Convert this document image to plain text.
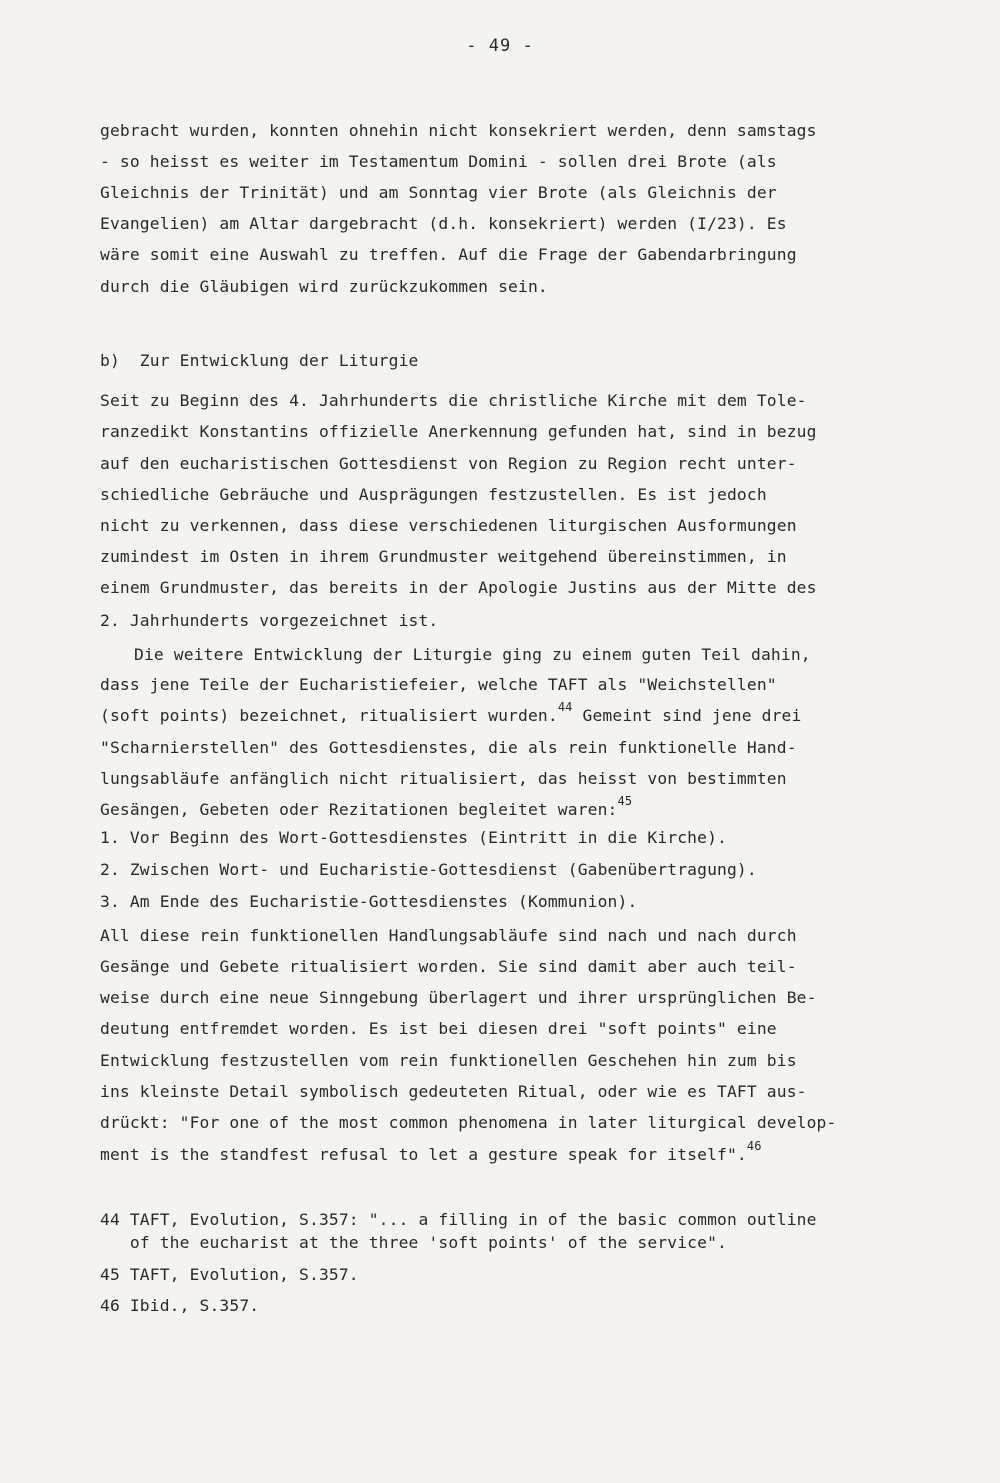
- 49 -
gebracht wurden, konnten ohnehin nicht konsekriert werden, denn samstags
- so heisst es weiter im Testamentum Domini - sollen drei Brote (als
Gleichnis der Trinität) und am Sonntag vier Brote (als Gleichnis der
Evangelien) am Altar dargebracht (d.h. konsekriert) werden (I/23). Es
wäre somit eine Auswahl zu treffen. Auf die Frage der Gabendarbringung
durch die Gläubigen wird zurückzukommen sein.
b)  Zur Entwicklung der Liturgie
Seit zu Beginn des 4. Jahrhunderts die christliche Kirche mit dem Tole-
ranzedikt Konstantins offizielle Anerkennung gefunden hat, sind in bezug
auf den eucharistischen Gottesdienst von Region zu Region recht unter-
schiedliche Gebräuche und Ausprägungen festzustellen. Es ist jedoch
nicht zu verkennen, dass diese verschiedenen liturgischen Ausformungen
zumindest im Osten in ihrem Grundmuster weitgehend übereinstimmen, in
einem Grundmuster, das bereits in der Apologie Justins aus der Mitte des
2. Jahrhunderts vorgezeichnet ist.
Die weitere Entwicklung der Liturgie ging zu einem guten Teil dahin,
dass jene Teile der Eucharistiefeier, welche TAFT als "Weichstellen"
(soft points) bezeichnet, ritualisiert wurden.$^{44}$ Gemeint sind jene drei
"Scharnierstellen" des Gottesdienstes, die als rein funktionelle Hand-
lungsabläufe anfänglich nicht ritualisiert, das heisst von bestimmten
Gesängen, Gebeten oder Rezitationen begleitet waren:$^{45}$
1. Vor Beginn des Wort-Gottesdienstes (Eintritt in die Kirche).
2. Zwischen Wort- und Eucharistie-Gottesdienst (Gabenübertragung).
3. Am Ende des Eucharistie-Gottesdienstes (Kommunion).
All diese rein funktionellen Handlungsabläufe sind nach und nach durch
Gesänge und Gebete ritualisiert worden. Sie sind damit aber auch teil-
weise durch eine neue Sinngebung überlagert und ihrer ursprünglichen Be-
deutung entfremdet worden. Es ist bei diesen drei "soft points" eine
Entwicklung festzustellen vom rein funktionellen Geschehen hin zum bis
ins kleinste Detail symbolisch gedeuteten Ritual, oder wie es TAFT aus-
drückt: "For one of the most common phenomena in later liturgical develop-
ment is the standfest refusal to let a gesture speak for itself".$^{46}$
44 TAFT, Evolution, S.357: "... a filling in of the basic common outline
of the eucharist at the three 'soft points' of the service".
45 TAFT, Evolution, S.357.
46 Ibid., S.357.
